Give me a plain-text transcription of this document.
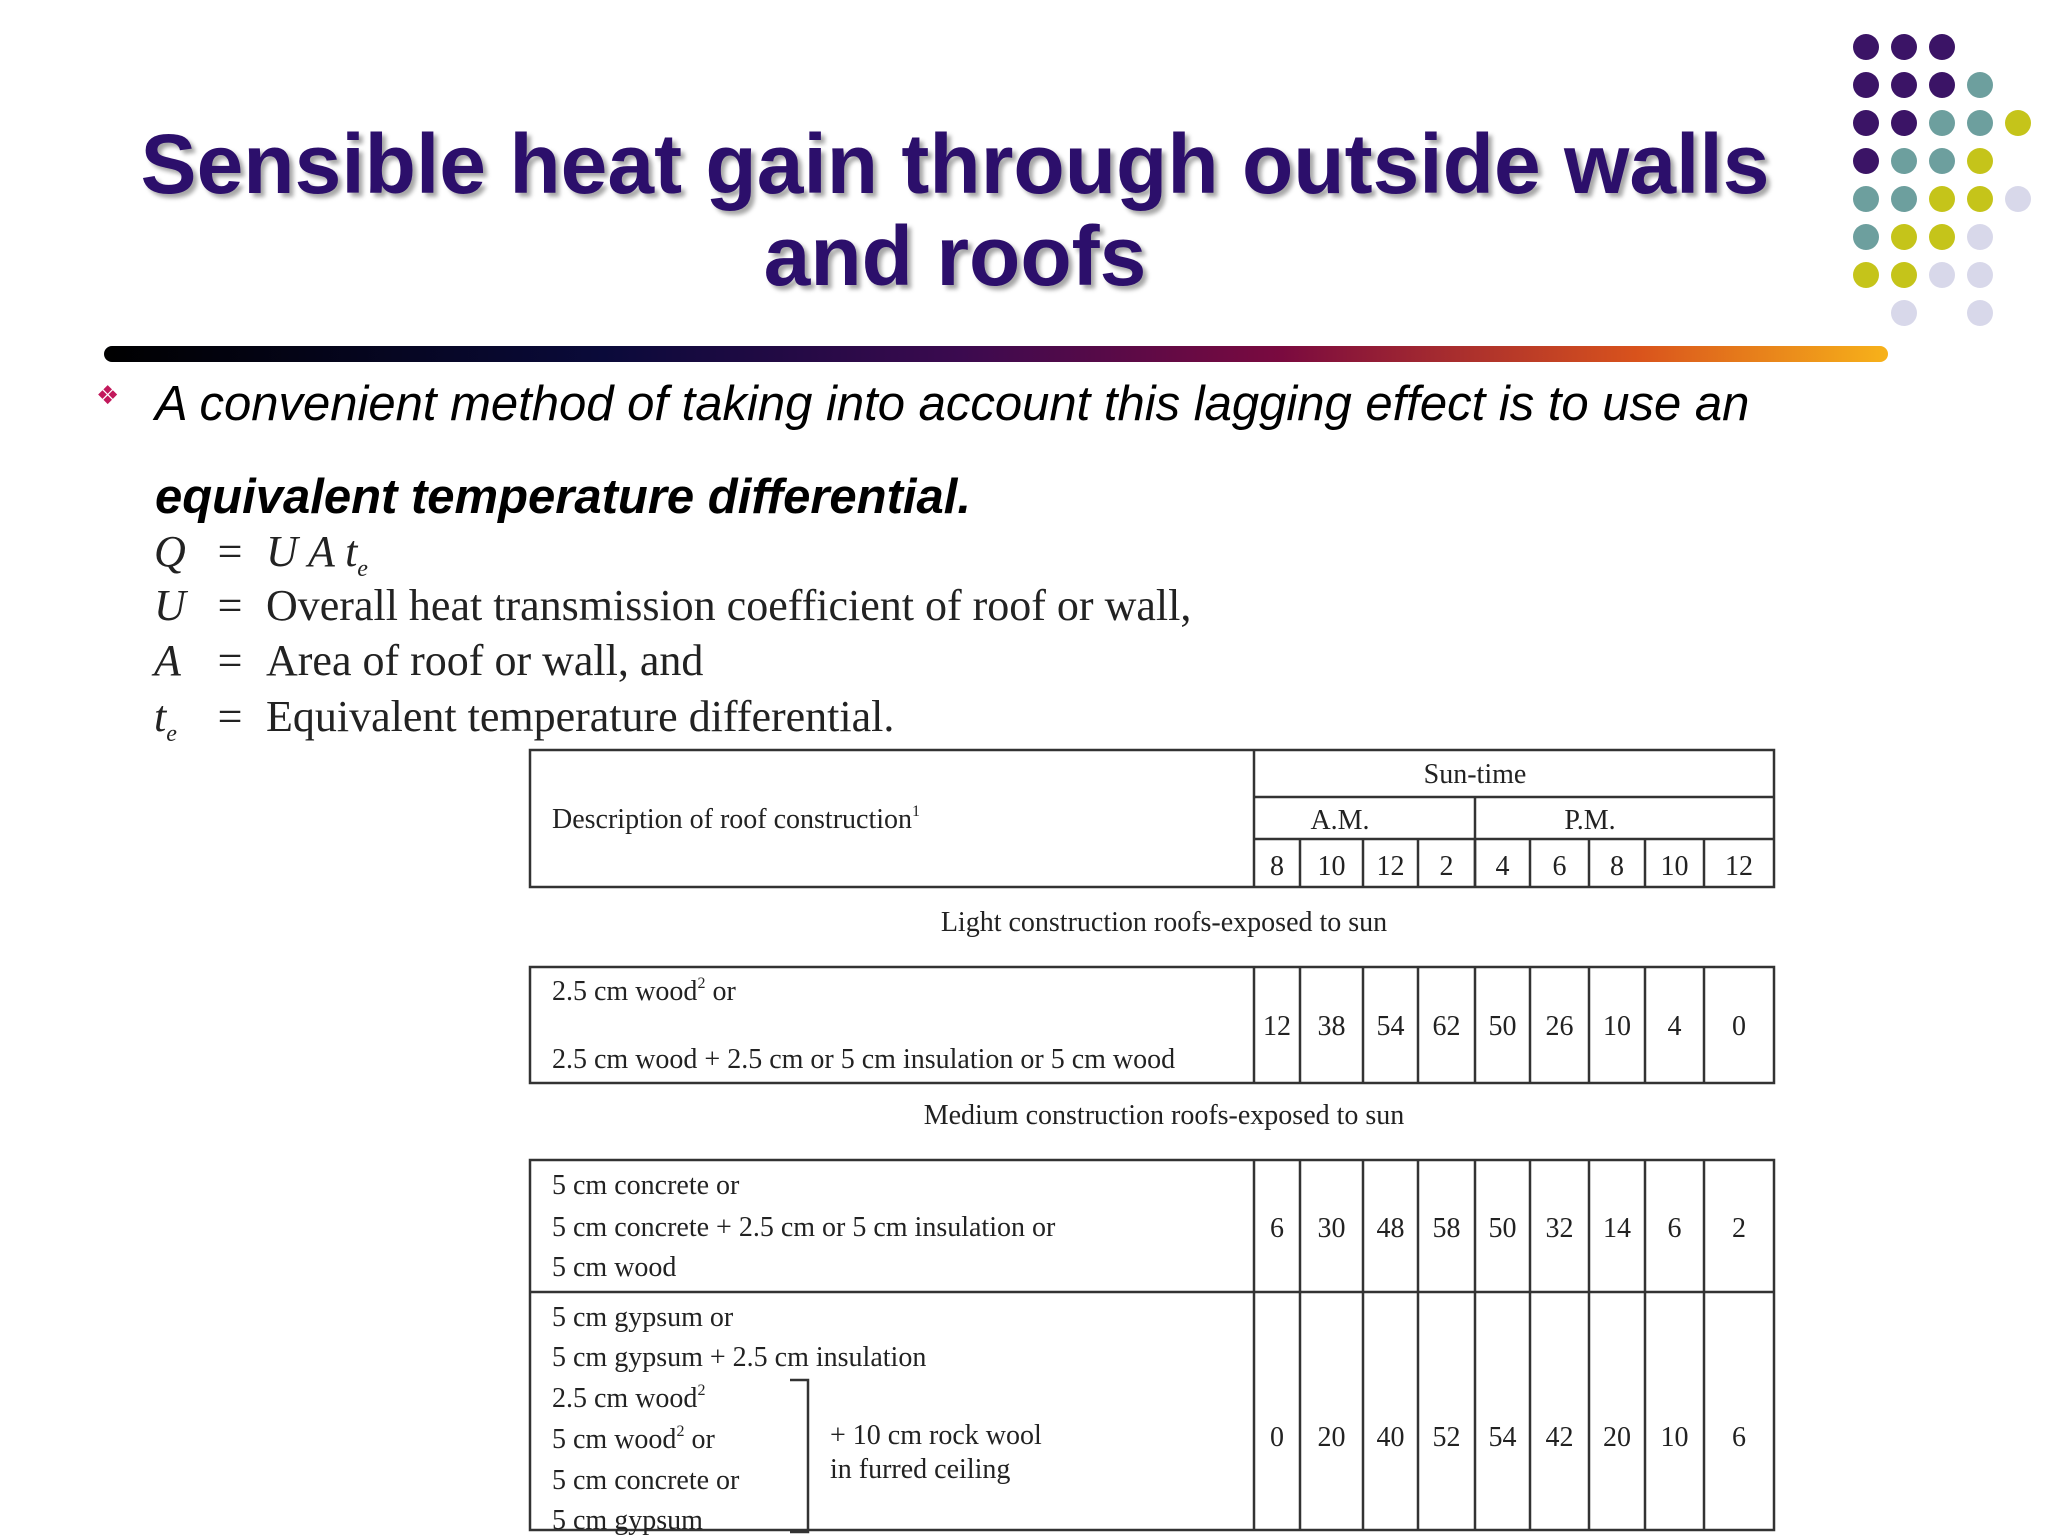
Sensible heat gain through outside walls
and roofs
❖ A convenient method of taking into account this lagging effect is to use an
equivalent temperature differential.
Q = U A $t_e$
U = Overall heat transmission coefficient of roof or wall,
A = Area of roof or wall, and
$t_e$ = Equivalent temperature differential.
Sun-time
A.M.	P.M.
8 10 12 2 4 6 8 10 12
Description of roof construction$^1$
Light construction roofs-exposed to sun
2.5 cm wood$^2$ or
2.5 cm wood + 2.5 cm or 5 cm insulation or 5 cm wood
12 38 54 62 50 26 10 4 0
Medium construction roofs-exposed to sun
5 cm concrete or
5 cm concrete + 2.5 cm or 5 cm insulation or
5 cm wood
6 30 48 58 50 32 14 6 2
5 cm gypsum or
5 cm gypsum + 2.5 cm insulation
2.5 cm wood$^2$
5 cm wood$^2$ or
5 cm concrete or
5 cm gypsum
0 20 40 52 54 42 20 10 6
+ 10 cm rock wool
in furred ceiling
